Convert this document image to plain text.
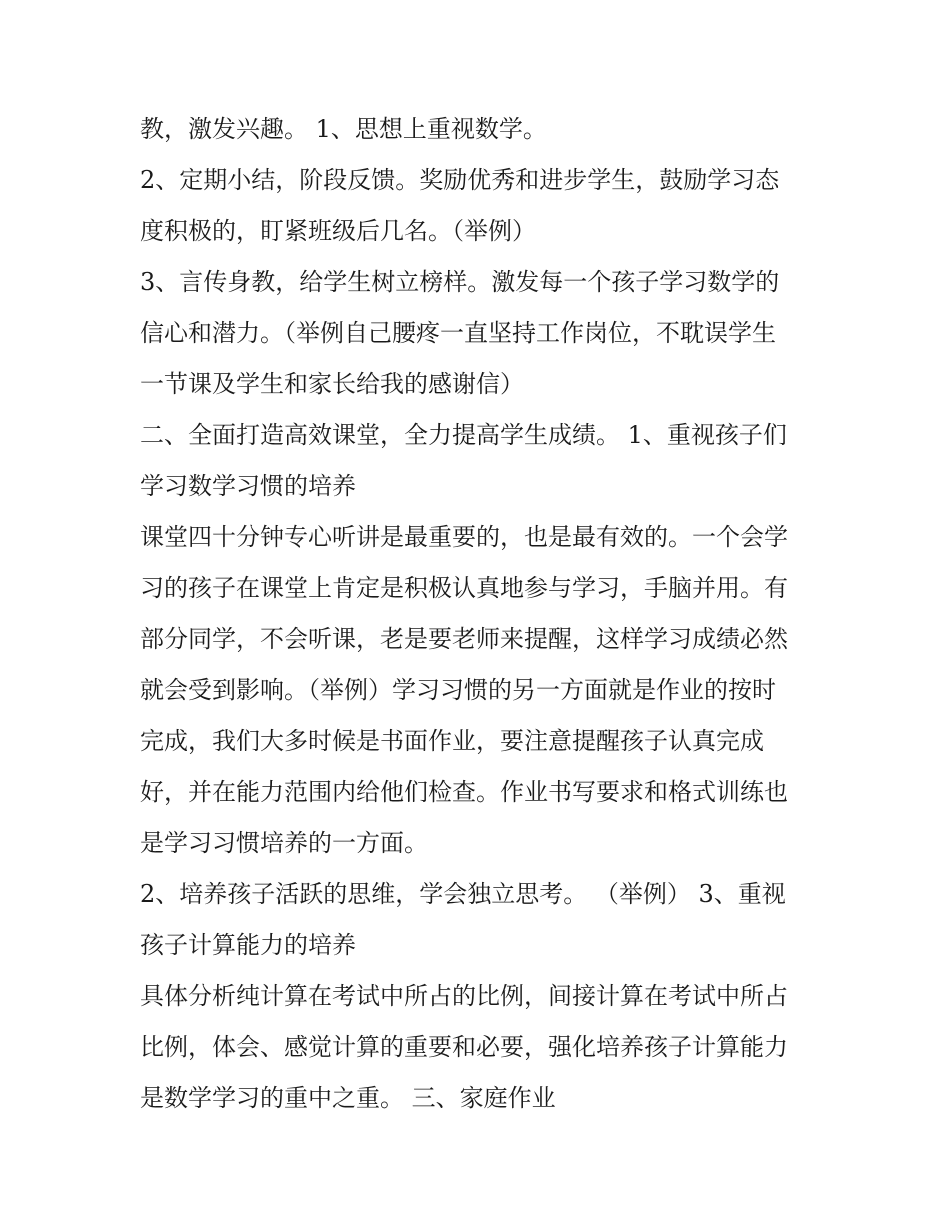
教，激发兴趣。 1、思想上重视数学。
2、定期小结，阶段反馈。奖励优秀和进步学生，鼓励学习态
度积极的，盯紧班级后几名。（举例）
3、言传身教，给学生树立榜样。激发每一个孩子学习数学的
信心和潜力。（举例自己腰疼一直坚持工作岗位，不耽误学生
一节课及学生和家长给我的感谢信）
二、全面打造高效课堂，全力提高学生成绩。 1、重视孩子们
学习数学习惯的培养
课堂四十分钟专心听讲是最重要的，也是最有效的。一个会学
习的孩子在课堂上肯定是积极认真地参与学习，手脑并用。有
部分同学，不会听课，老是要老师来提醒，这样学习成绩必然
就会受到影响。（举例）学习习惯的另一方面就是作业的按时
完成，我们大多时候是书面作业，要注意提醒孩子认真完成
好，并在能力范围内给他们检查。作业书写要求和格式训练也
是学习习惯培养的一方面。
2、培养孩子活跃的思维，学会独立思考。 （举例） 3、重视
孩子计算能力的培养
具体分析纯计算在考试中所占的比例，间接计算在考试中所占
比例，体会、感觉计算的重要和必要，强化培养孩子计算能力
是数学学习的重中之重。 三、家庭作业
